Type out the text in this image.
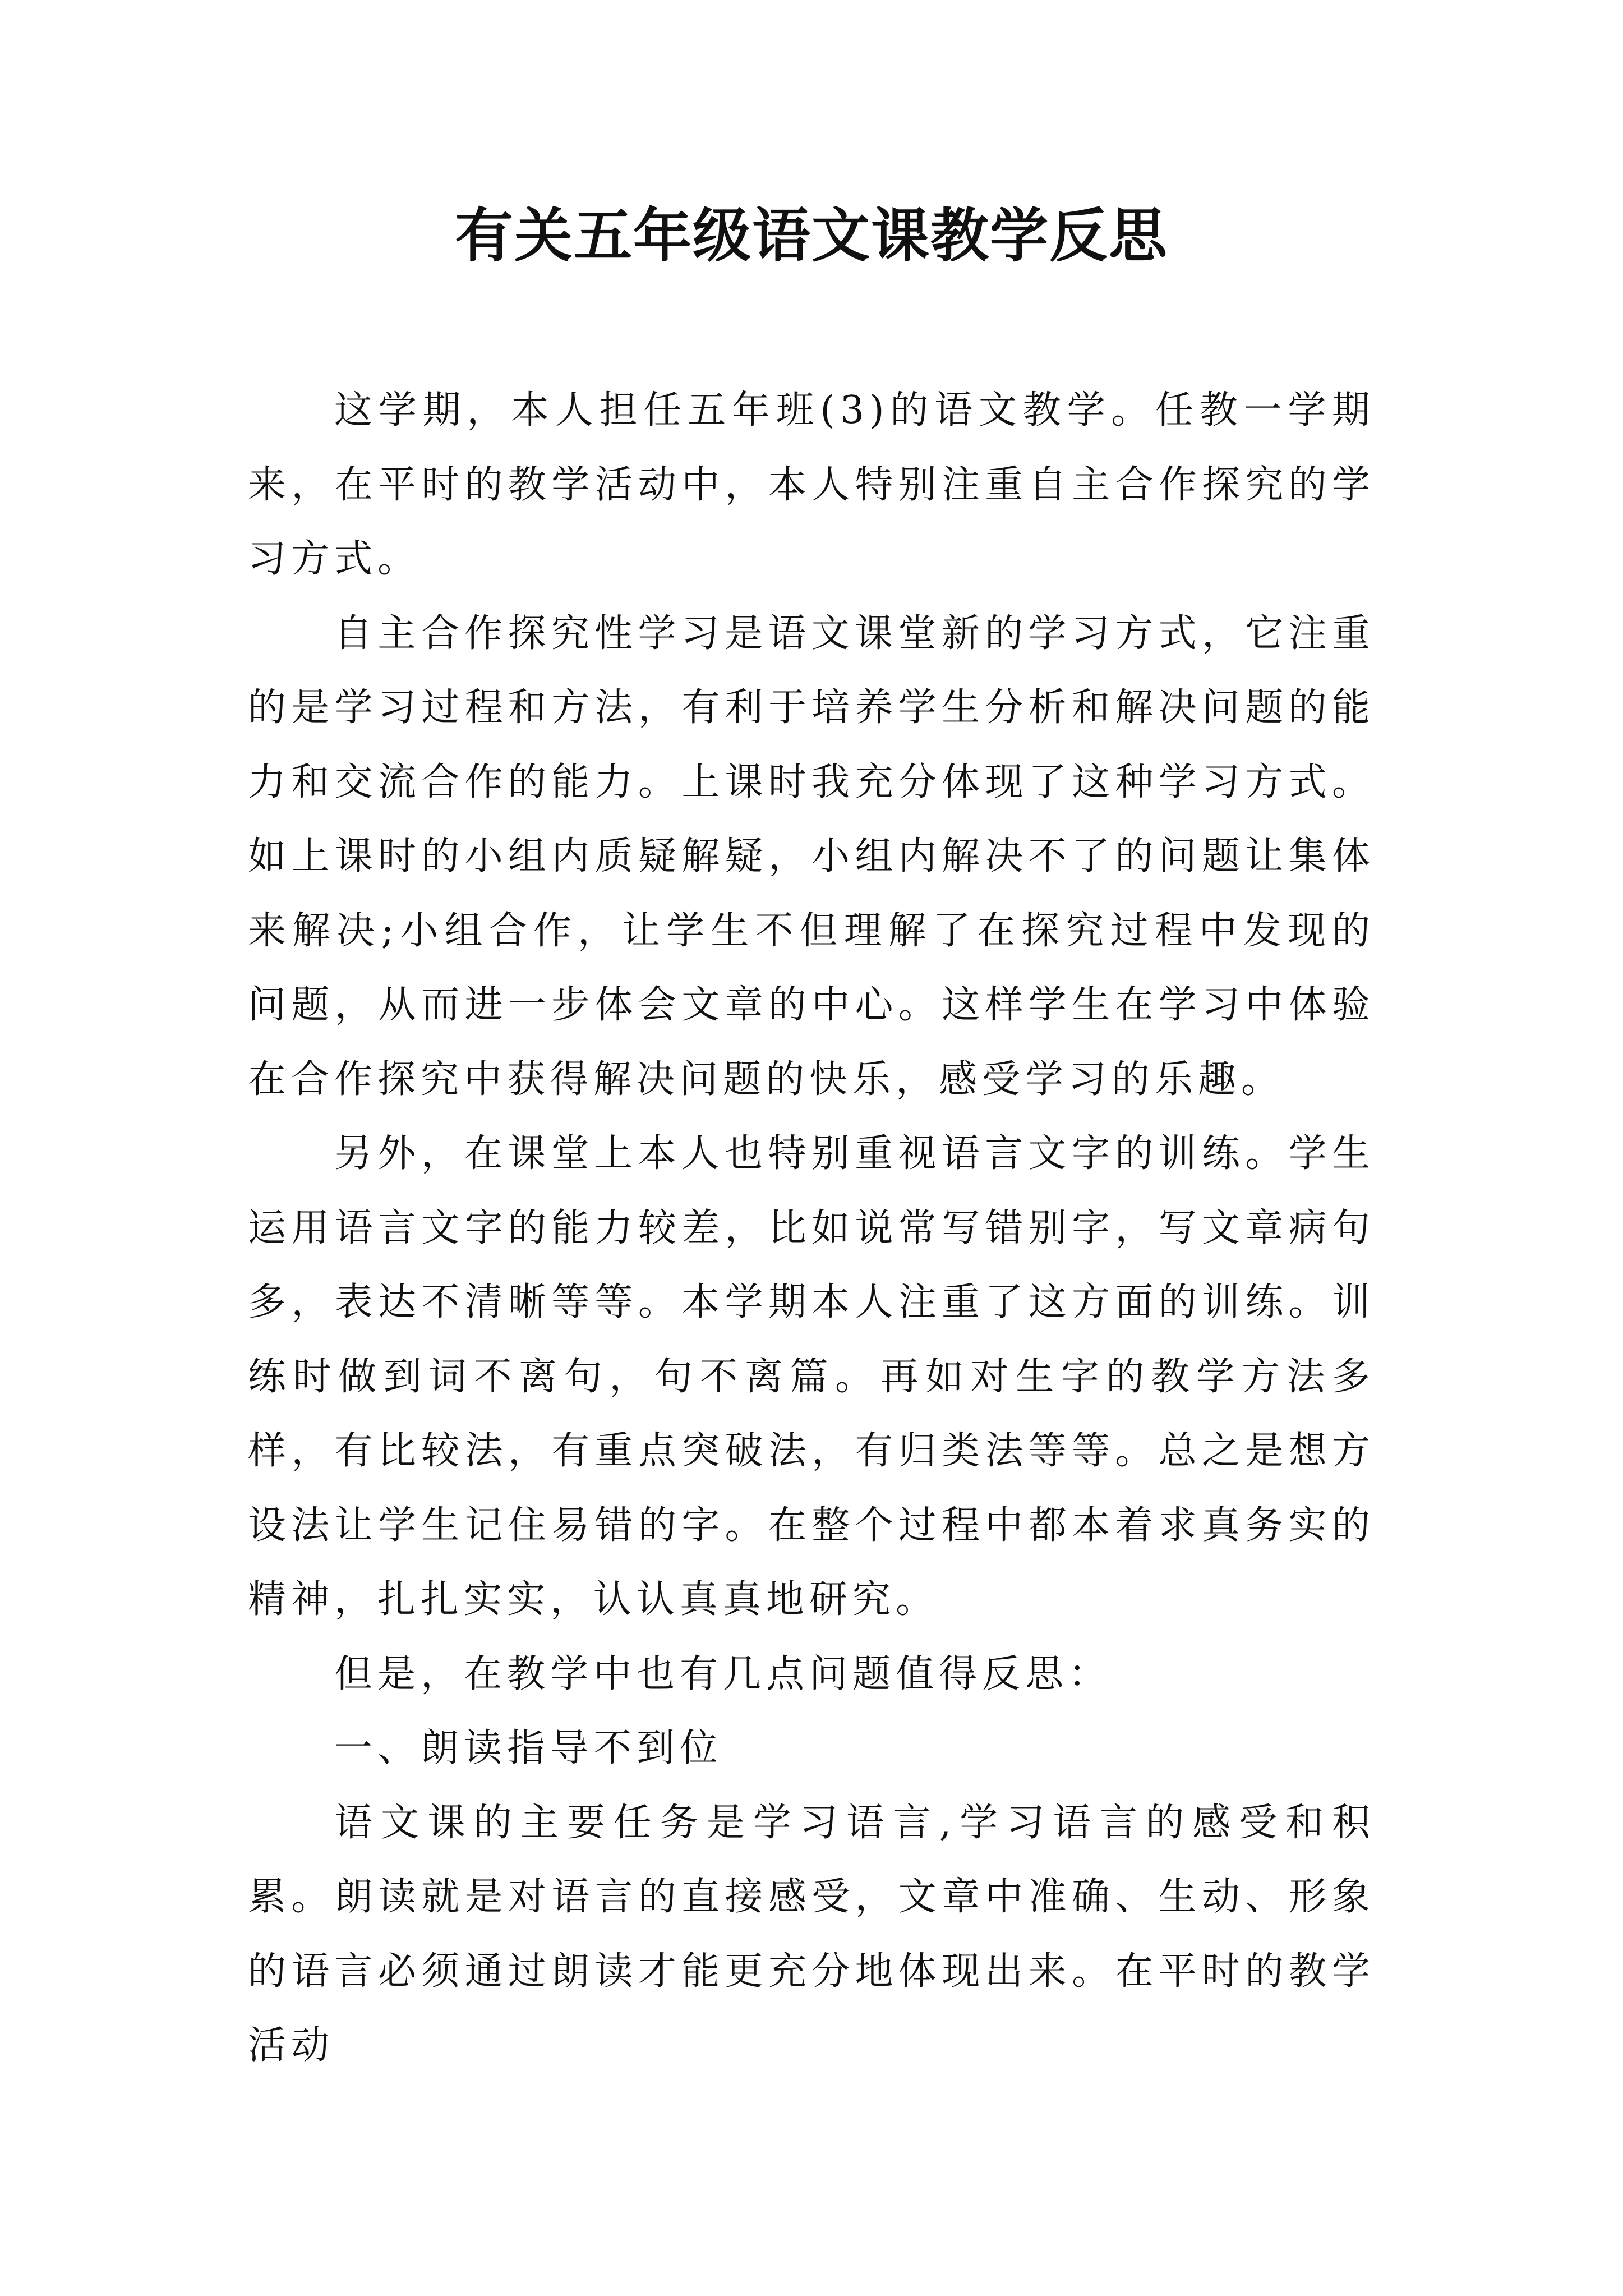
有关五年级语文课教学反思

这学期，本人担任五年班(3)的语文教学。任教一学期来，在平时的教学活动中，本人特别注重自主合作探究的学习方式。

自主合作探究性学习是语文课堂新的学习方式，它注重的是学习过程和方法，有利于培养学生分析和解决问题的能力和交流合作的能力。上课时我充分体现了这种学习方式。如上课时的小组内质疑解疑，小组内解决不了的问题让集体来解决;小组合作，让学生不但理解了在探究过程中发现的问题，从而进一步体会文章的中心。这样学生在学习中体验在合作探究中获得解决问题的快乐，感受学习的乐趣。

另外，在课堂上本人也特别重视语言文字的训练。学生运用语言文字的能力较差，比如说常写错别字，写文章病句多，表达不清晰等等。本学期本人注重了这方面的训练。训练时做到词不离句，句不离篇。再如对生字的教学方法多样，有比较法，有重点突破法，有归类法等等。总之是想方设法让学生记住易错的字。在整个过程中都本着求真务实的精神，扎扎实实，认认真真地研究。

但是，在教学中也有几点问题值得反思：

一、朗读指导不到位

语文课的主要任务是学习语言,学习语言的感受和积累。朗读就是对语言的直接感受，文章中准确、生动、形象的语言必须通过朗读才能更充分地体现出来。在平时的教学活动
